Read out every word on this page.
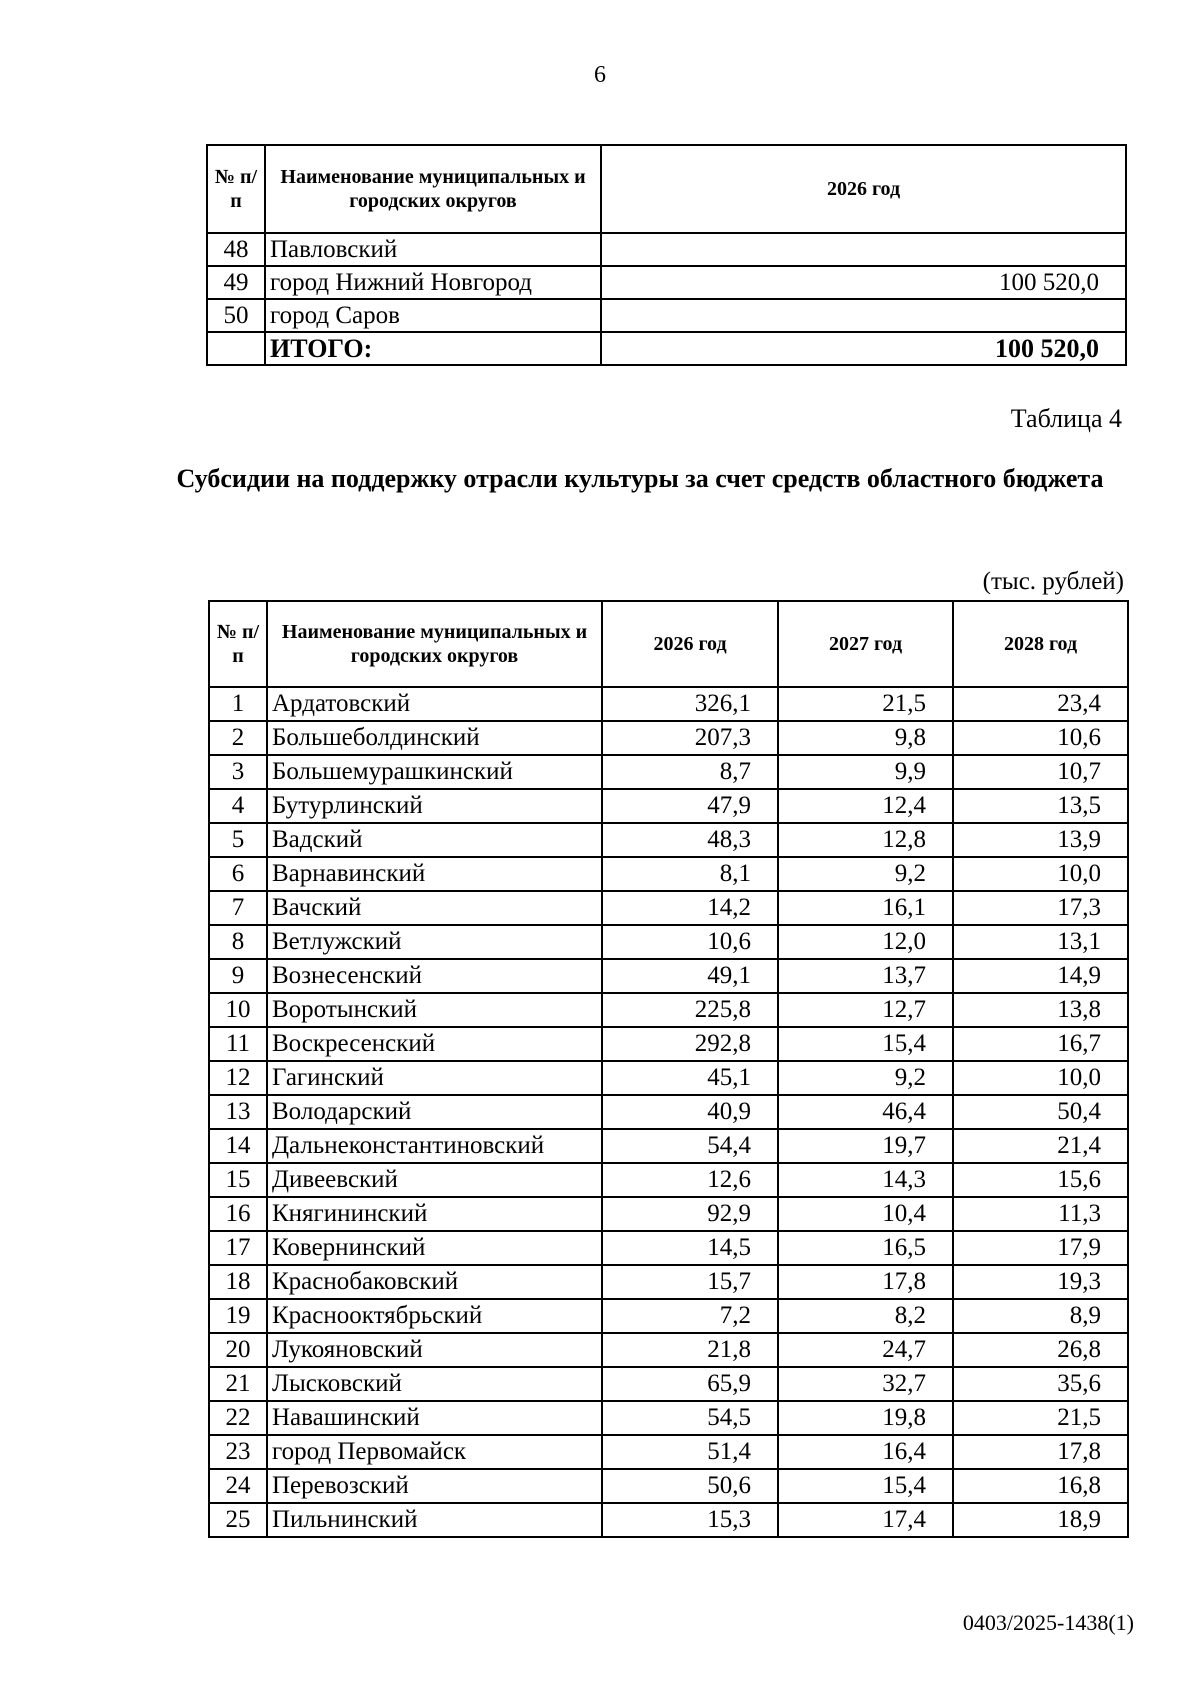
6
№ п/п	Наименование муниципальных и городских округов	2026 год
48	Павловский	
49	город Нижний Новгород	100 520,0
50	город Саров	
	ИТОГО:	100 520,0
Таблица 4
Субсидии на поддержку отрасли культуры за счет средств областного бюджета
(тыс. рублей)
№ п/п	Наименование муниципальных и городских округов	2026 год	2027 год	2028 год
1	Ардатовский	326,1	21,5	23,4
2	Большеболдинский	207,3	9,8	10,6
3	Большемурашкинский	8,7	9,9	10,7
4	Бутурлинский	47,9	12,4	13,5
5	Вадский	48,3	12,8	13,9
6	Варнавинский	8,1	9,2	10,0
7	Вачский	14,2	16,1	17,3
8	Ветлужский	10,6	12,0	13,1
9	Вознесенский	49,1	13,7	14,9
10	Воротынский	225,8	12,7	13,8
11	Воскресенский	292,8	15,4	16,7
12	Гагинский	45,1	9,2	10,0
13	Володарский	40,9	46,4	50,4
14	Дальнеконстантиновский	54,4	19,7	21,4
15	Дивеевский	12,6	14,3	15,6
16	Княгининский	92,9	10,4	11,3
17	Ковернинский	14,5	16,5	17,9
18	Краснобаковский	15,7	17,8	19,3
19	Краснооктябрьский	7,2	8,2	8,9
20	Лукояновский	21,8	24,7	26,8
21	Лысковский	65,9	32,7	35,6
22	Навашинский	54,5	19,8	21,5
23	город Первомайск	51,4	16,4	17,8
24	Перевозский	50,6	15,4	16,8
25	Пильнинский	15,3	17,4	18,9
0403/2025-1438(1)
